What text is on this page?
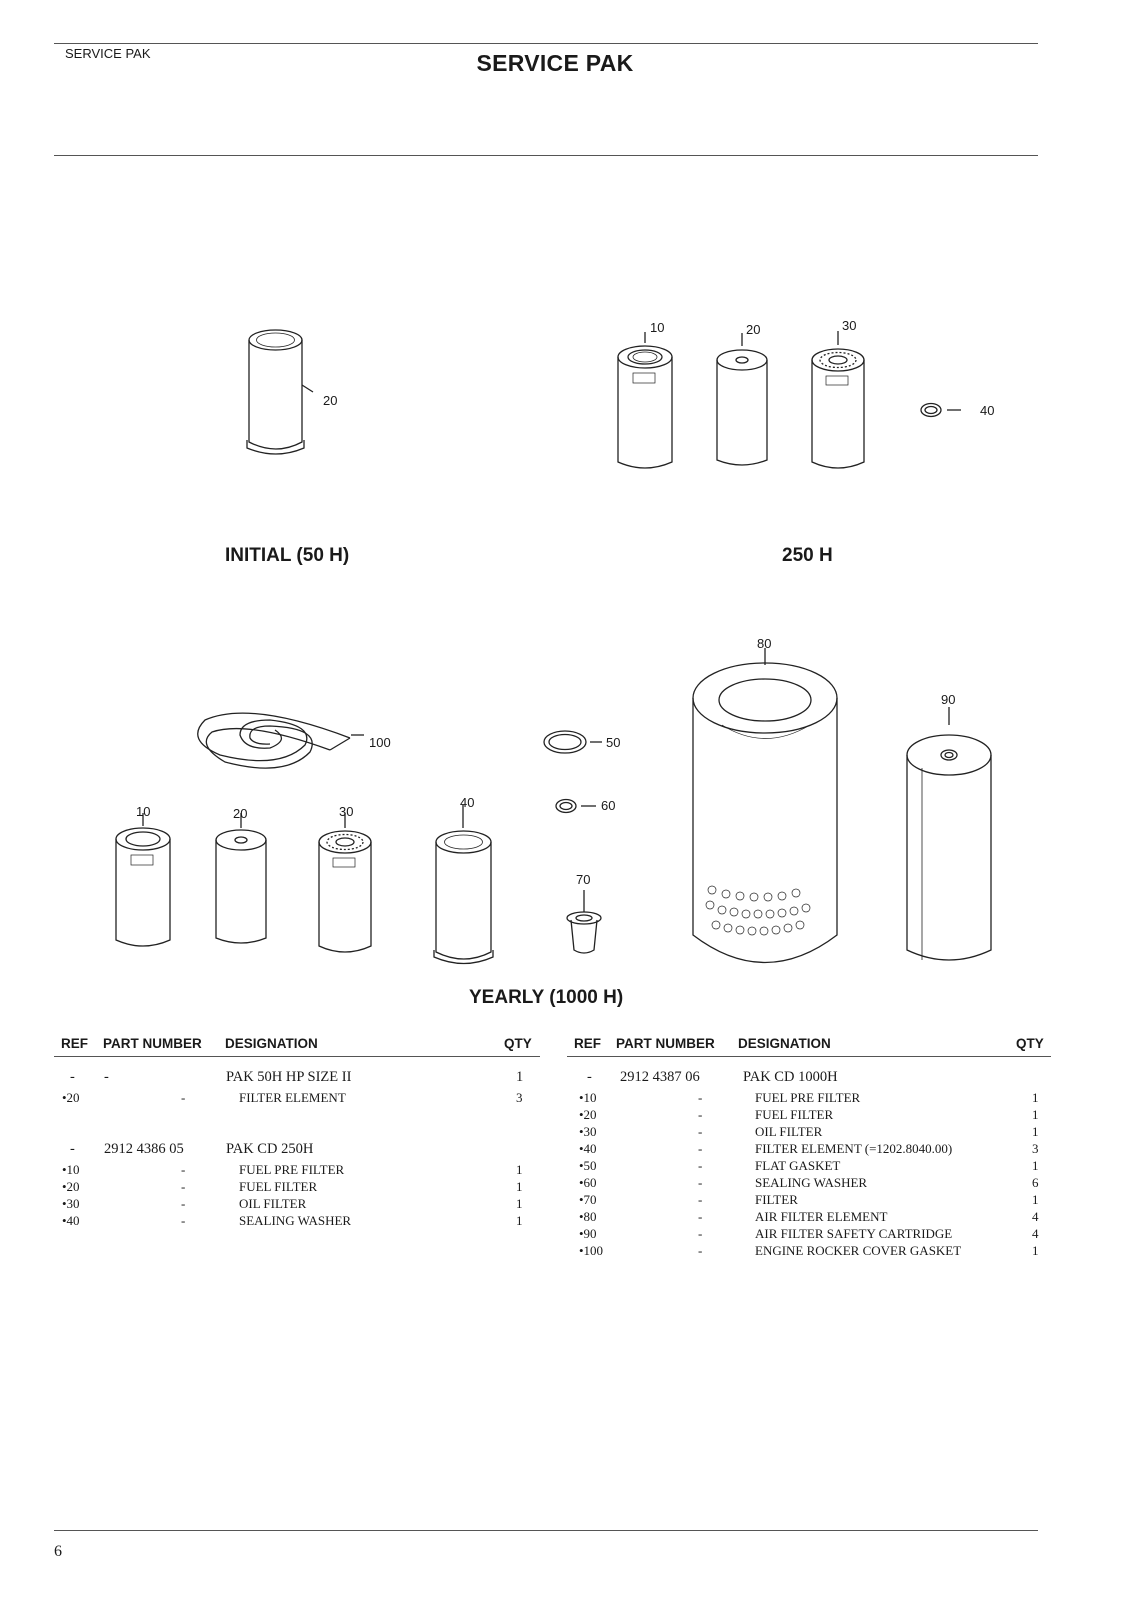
SERVICE PAK	SERVICE PAK
20
10	20	30
40
10	20	30
40
50
60
70
80
90
100
INITIAL (50 H)	250 H
YEARLY (1000 H)
REF PART NUMBER DESIGNATION	QTY
- -	PAK 50H HP SIZE II	1
•20	-	FILTER ELEMENT	3
- 2912 4386 05	PAK CD 250H
•10	-	FUEL PRE FILTER	1
•20	-	FUEL FILTER	1
•30	-	OIL FILTER	1
•40	-	SEALING WASHER	1
REF PART NUMBER DESIGNATION	QTY
- 2912 4387 06	PAK CD 1000H
•10	-	FUEL PRE FILTER	1
•20	-	FUEL FILTER	1
•30	-	OIL FILTER	1
•40	-	FILTER ELEMENT (=1202.8040.00)	3
•50	-	FLAT GASKET	1
•60	-	SEALING WASHER	6
•70	-	FILTER	1
•80	-	AIR FILTER ELEMENT	4
•90	-	AIR FILTER SAFETY CARTRIDGE	4
•100	-	ENGINE ROCKER COVER GASKET	1
6
